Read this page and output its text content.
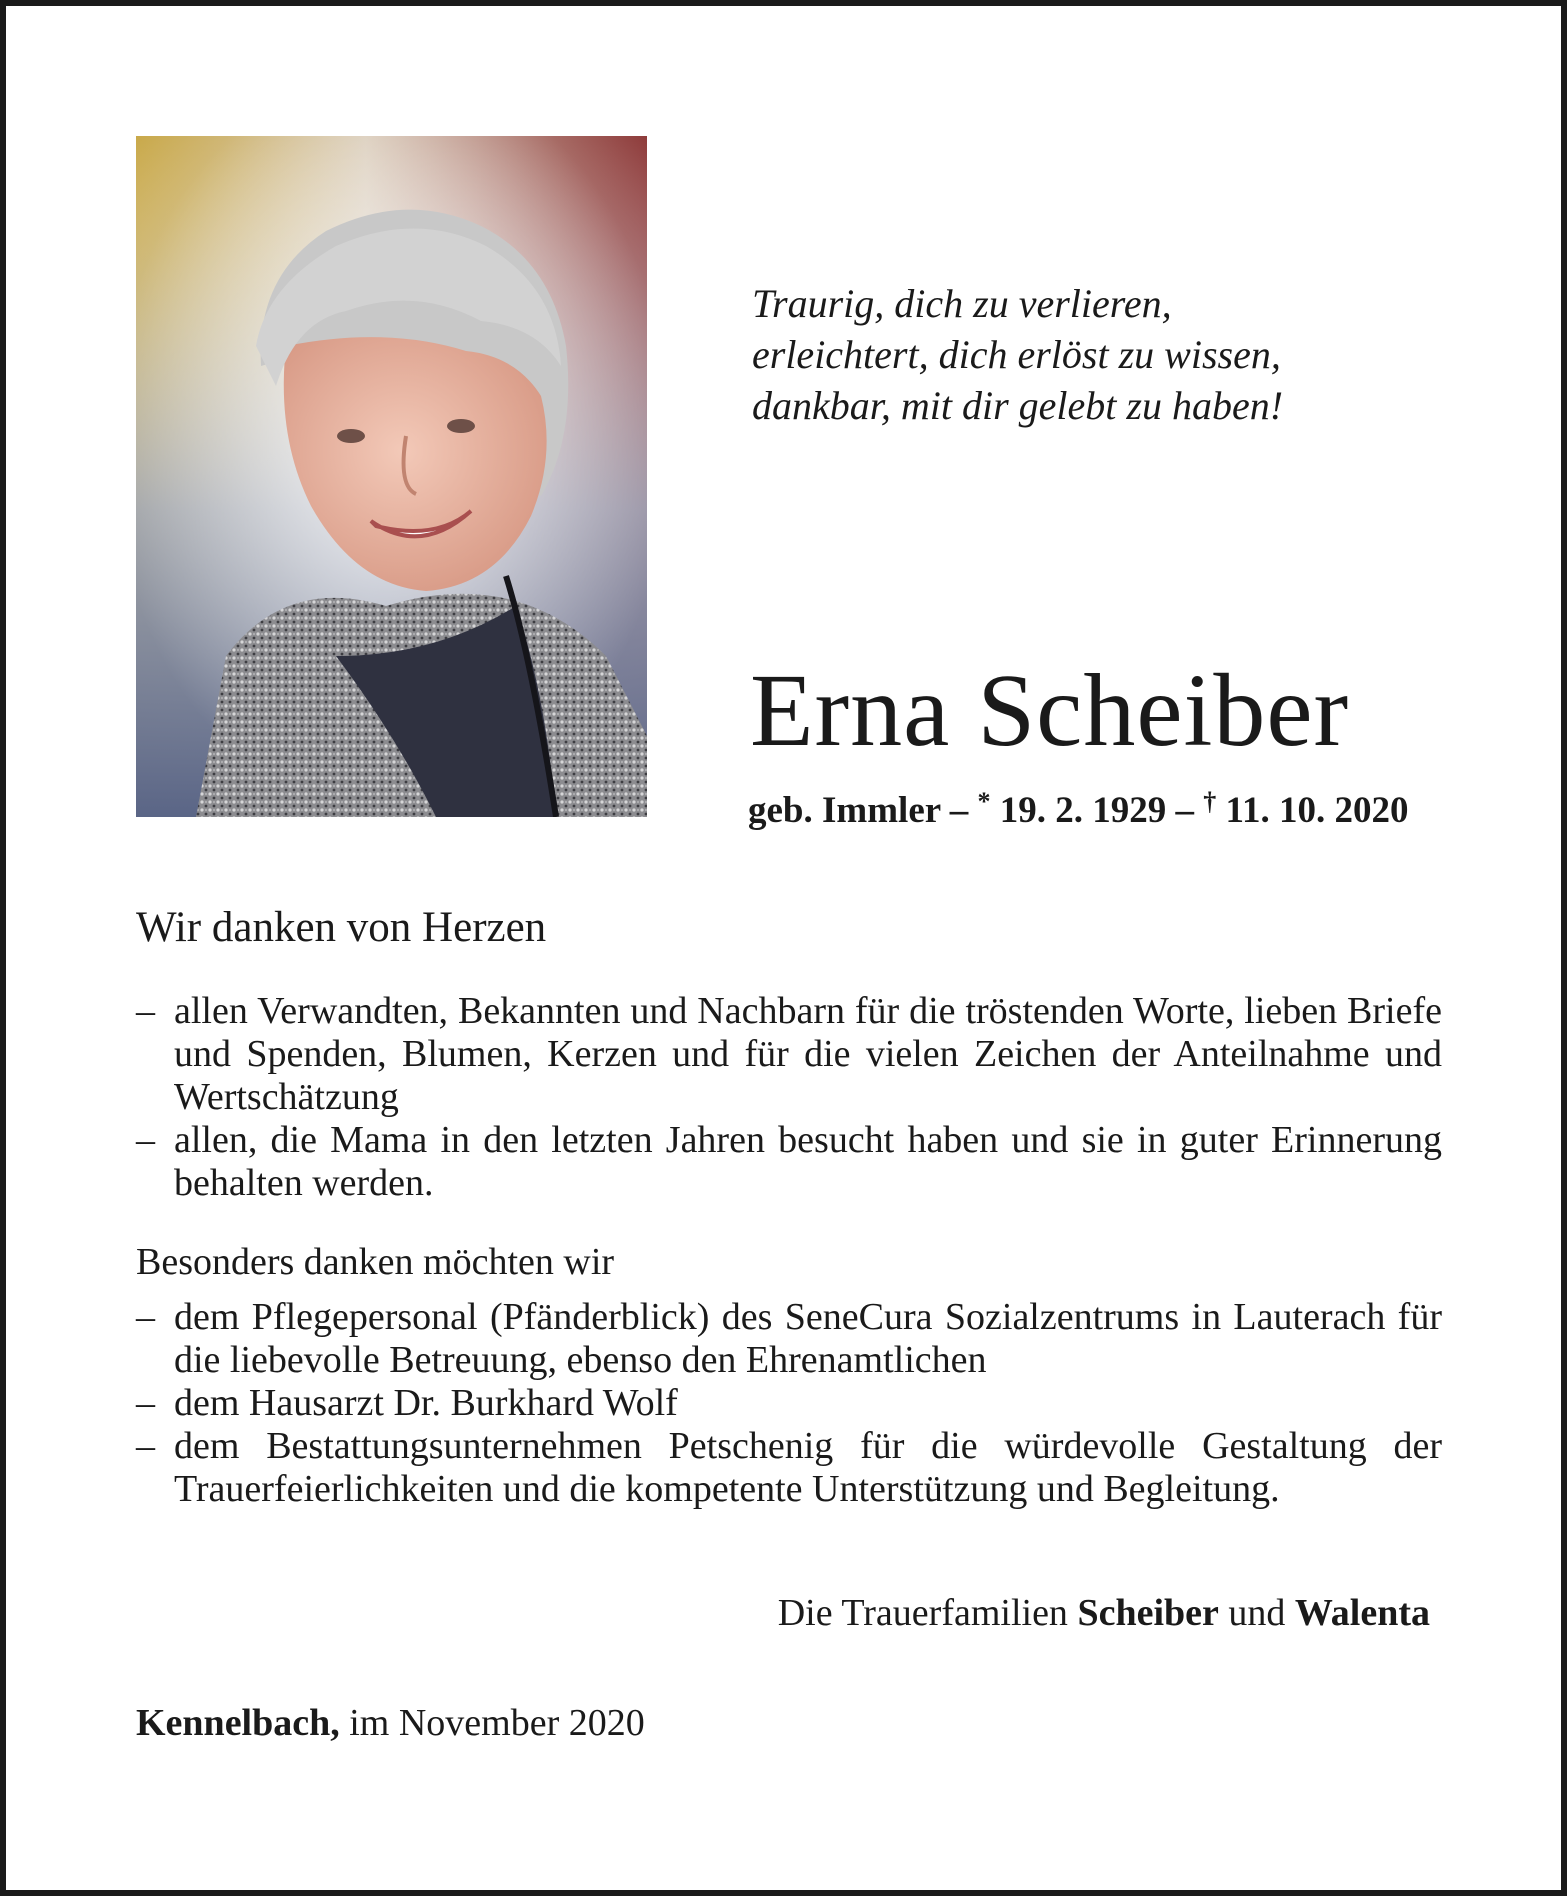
Traurig, dich zu verlieren,
erleichtert, dich erlöst zu wissen,
dankbar, mit dir gelebt zu haben!
Erna Scheiber
geb. Immler – * 19. 2. 1929 – † 11. 10. 2020
Wir danken von Herzen
– allen Verwandten, Bekannten und Nachbarn für die tröstenden Worte, lieben Briefe und Spenden, Blumen, Kerzen und für die vielen Zeichen der Anteilnahme und Wertschätzung
– allen, die Mama in den letzten Jahren besucht haben und sie in guter Erinnerung behalten werden.
Besonders danken möchten wir
– dem Pflegepersonal (Pfänderblick) des SeneCura Sozialzentrums in Lauterach für die liebevolle Betreuung, ebenso den Ehrenamtlichen
– dem Hausarzt Dr. Burkhard Wolf
– dem Bestattungsunternehmen Petschenig für die würdevolle Gestaltung der Trauerfeierlichkeiten und die kompetente Unterstützung und Begleitung.
Die Trauerfamilien Scheiber und Walenta
Kennelbach, im November 2020
